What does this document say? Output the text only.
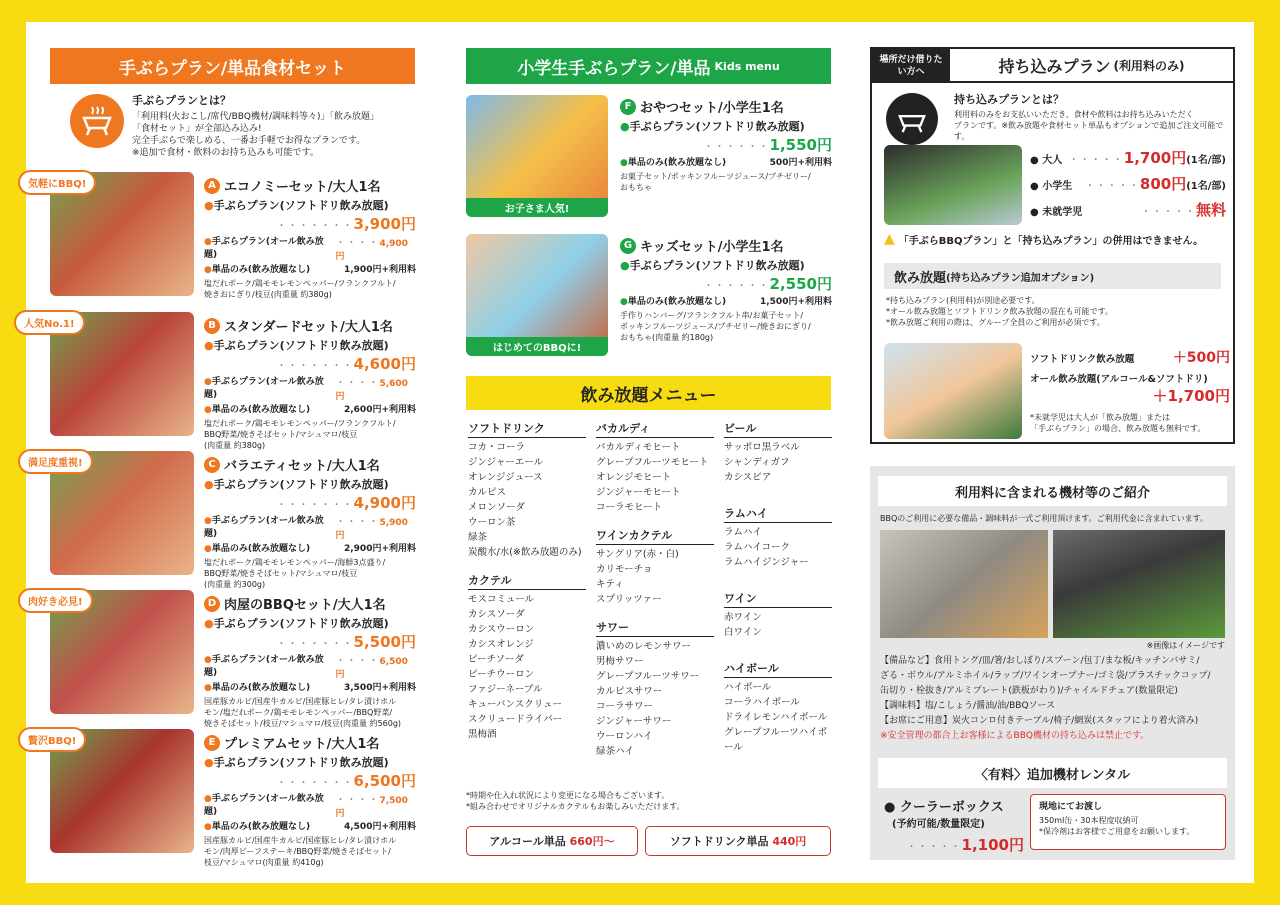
手ぶらプラン/単品食材セット
手ぶらプランとは？
「利用料(火おこし/席代/BBQ機材/調味料等々)」「飲み放題」
「食材セット」が全部込み込み!
完全手ぶらで楽しめる、一番お手軽でお得なプランです。
※追加で食材・飲料のお持ち込みも可能です。
気軽にBBQ!	A エコノミーセット/大人1名
●手ぶらプラン(ソフトドリ飲み放題)
・・・・・・・3,900円
●手ぶらプラン(オール飲み放題)
・・・・4,900円
●単品のみ(飲み放題なし)	1,900円+利用料
塩だれポーク/鶏モモレモンペッパー/フランクフルト/
焼きおにぎり/枝豆(肉重量 約380g)
人気No.1!	B スタンダードセット/大人1名
●手ぶらプラン(ソフトドリ飲み放題)
・・・・・・・4,600円
●手ぶらプラン(オール飲み放題)
・・・・5,600円
●単品のみ(飲み放題なし)	2,600円+利用料
塩だれポーク/鶏モモレモンペッパー/フランクフルト/
BBQ野菜/焼きそばセット/マシュマロ/枝豆
(肉重量 約380g)
満足度重視!	C バラエティセット/大人1名
●手ぶらプラン(ソフトドリ飲み放題)
・・・・・・・4,900円
●手ぶらプラン(オール飲み放題)
・・・・5,900円
●単品のみ(飲み放題なし)	2,900円+利用料
塩だれポーク/鶏モモレモンペッパー/海鮮3点盛り/
BBQ野菜/焼きそばセット/マシュマロ/枝豆
(肉重量 約300g)
肉好き必見!	D 肉屋のBBQセット/大人1名
●手ぶらプラン(ソフトドリ飲み放題)
・・・・・・・5,500円
●手ぶらプラン(オール飲み放題)
・・・・6,500円
●単品のみ(飲み放題なし)	3,500円+利用料
国産豚カルビ/国産牛カルビ/国産豚ヒレ/タレ漬けホル
モン/塩だれポーク/鶏モモレモンペッパー/BBQ野菜/
焼きそばセット/枝豆/マシュマロ/枝豆(肉重量 約560g)
贅沢BBQ!	E プレミアムセット/大人1名
●手ぶらプラン(ソフトドリ飲み放題)
・・・・・・・6,500円
●手ぶらプラン(オール飲み放題)
・・・・7,500円
●単品のみ(飲み放題なし)	4,500円+利用料
国産豚カルビ/国産牛カルビ/国産豚ヒレ/タレ漬けホル
モン/肉厚ビーフステーキ/BBQ野菜/焼きそばセット/
枝豆/マシュマロ(肉重量 約410g)
小学生手ぶらプラン/単品 Kids menu
お子さま人気!
はじめてのBBQに!
F おやつセット/小学生1名
●手ぶらプラン(ソフトドリ飲み放題)
・・・・・・1,550円
●単品のみ(飲み放題なし)	500円+利用料
お菓子セット/ポッキンフルーツジュース/プチゼリー/
おもちゃ
G キッズセット/小学生1名
●手ぶらプラン(ソフトドリ飲み放題)
・・・・・・2,550円
●単品のみ(飲み放題なし)	1,500円+利用料
手作りハンバーグ/フランクフルト串/お菓子セット/
ポッキンフルーツジュース/プチゼリー/焼きおにぎり/
おもちゃ(肉重量 約180g)
飲み放題メニュー
ソフトドリンク
コカ・コーラ
ジンジャーエール
オレンジジュース
カルピス
メロンソーダ
ウーロン茶
緑茶
炭酸水/水(※飲み放題のみ)
カクテル
モスコミュール
カシスソーダ
カシスウーロン
カシスオレンジ
ピーチソーダ
ピーチウーロン
ファジーネーブル
キューバンスクリュー
スクリュードライバー
黒梅酒
バカルディ
バカルディモヒート
グレープフルーツモヒート
オレンジモヒート
ジンジャーモヒート
コーラモヒート
ワインカクテル
サングリア(赤・白)
カリモーチョ
キティ
スプリッツァー
サワー
濃いめのレモンサワー
男梅サワー
グレープフルーツサワー
カルピスサワー
コーラサワー
ジンジャーサワー
ウーロンハイ
緑茶ハイ
ビール
サッポロ黒ラベル
シャンディガフ
カシスビア
ラムハイ
ラムハイ
ラムハイコーク
ラムハイジンジャー
ワイン
赤ワイン
白ワイン
ハイボール
ハイボール
コーラハイボール
ドライレモンハイボール
グレープフルーツハイボール
*時期や仕入れ状況により変更になる場合もございます。
*組み合わせでオリジナルカクテルもお楽しみいただけます。
アルコール単品
660円〜	ソフトドリンク単品
440円
場所だけ借りたい方へ	持ち込みプラン (利用料のみ)
持ち込みプランとは？
利用料のみをお支払いいただき、食材や飲料はお持ち込みいただく
プランです。※飲み放題や食材セット単品もオプションで追加ご注文可能です。
● 大人 ・・・・・1,700円(1名/部)
● 小学生 ・・・・・800円(1名/部)
● 未就学児	・・・・・無料
▲ 「手ぶらBBQプラン」と「持ち込みプラン」の併用はできません。
飲み放題 (持ち込みプラン追加オプション)
*持ち込みプラン(利用料)が別途必要です。
*オール飲み放題とソフトドリンク飲み放題の混在も可能です。
*飲み放題ご利用の際は、グループ全員のご利用が必須です。
ソフトドリンク飲み放題	＋500円
オール飲み放題(アルコール&ソフトドリ)
＋1,700円
*未就学児は大人が「飲み放題」または
「手ぶらプラン」の場合、飲み放題も無料です。
利用料に含まれる機材等のご紹介
BBQのご利用に必要な備品・調味料が一式ご利用頂けます。ご利用代金に含まれています。
※画像はイメージです
【備品など】食用トング/皿/箸/おしぼり/スプーン/包丁/まな板/キッチンバサミ/
ざる・ボウル/アルミホイル/ラップ/ワインオープナー/ゴミ袋/プラスチックコップ/
缶切り・栓抜き/アルミプレート(鉄板がわり)/チャイルドチェア(数量限定)
【調味料】塩/こしょう/醤油/油/BBQソース
【お席にご用意】炭火コンロ付きテーブル/椅子/網炭(スタッフにより着火済み)
※安全管理の都合上お客様によるBBQ機材の持ち込みは禁止です。
〈有料〉追加機材レンタル
● クーラーボックス
(予約可能/数量限定)
・・・・・1,100円
現地にてお渡し
350ml缶・30本程度収納可
*保冷剤はお客様でご用意をお願いします。
